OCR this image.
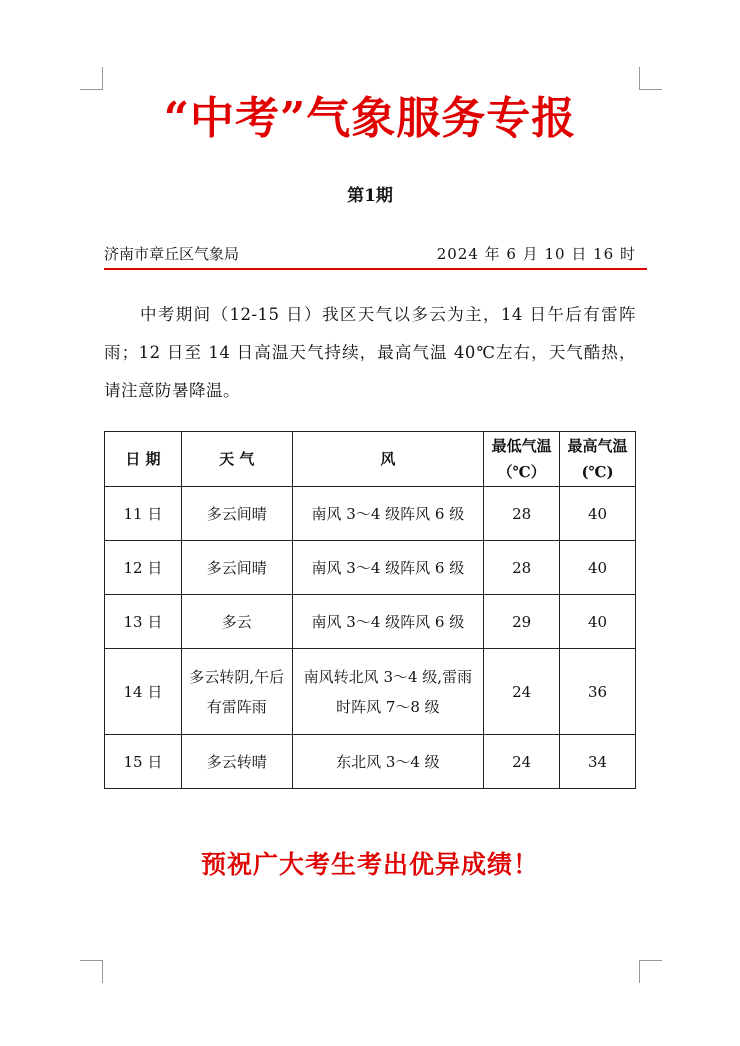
“中考”气象服务专报
第1期
济南市章丘区气象局	2024 年 6 月 10 日 16 时
中考期间（12-15 日）我区天气以多云为主，14 日午后有雷阵雨；12 日至 14 日高温天气持续，最高气温 40℃左右，天气酷热，请注意防暑降温。
日 期	天 气	风	最低气温（℃）	最高气温(℃)
11 日	多云间晴	南风 3～4 级阵风 6 级	28	40
12 日	多云间晴	南风 3～4 级阵风 6 级	28	40
13 日	多云	南风 3～4 级阵风 6 级	29	40
14 日	多云转阴,午后有雷阵雨	南风转北风 3～4 级,雷雨时阵风 7～8 级	24	36
15 日	多云转晴	东北风 3～4 级	24	34
预祝广大考生考出优异成绩！
